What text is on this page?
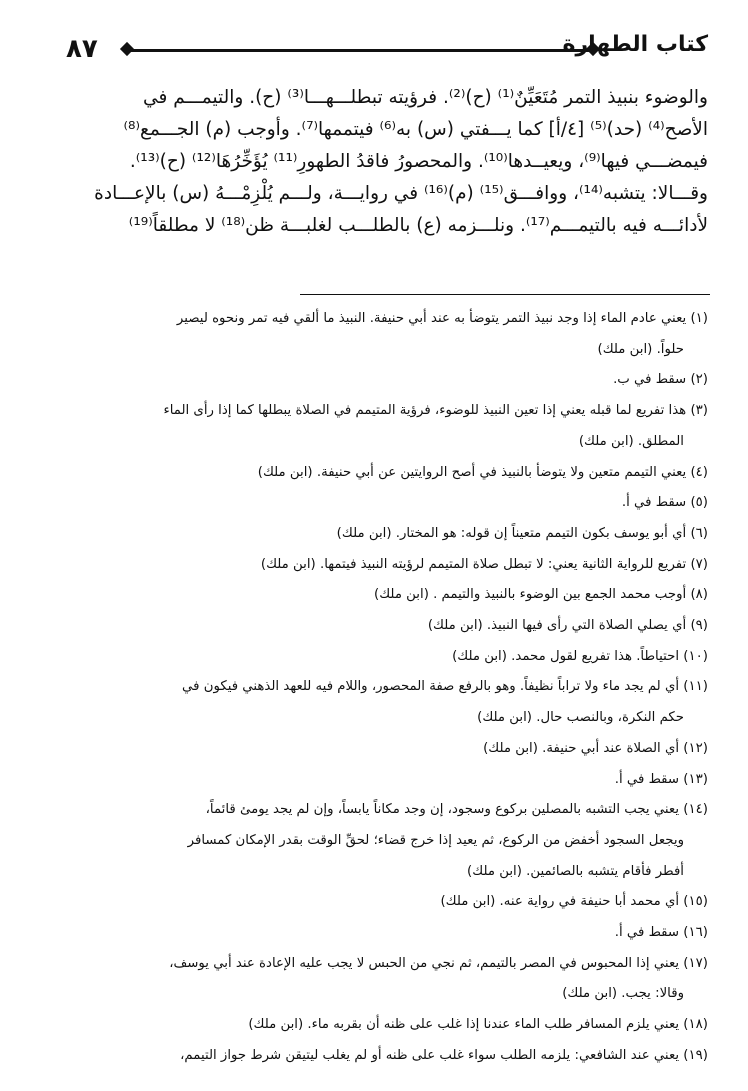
٨٧	كتاب الطهارة
والوضوء بنبيذ التمر مُتَعَيِّنٌ⁽¹⁾ (ح)⁽²⁾. فرؤيته تبطلـــهـــا⁽³⁾ (ح). والتيمـــم في
الأصح⁽⁴⁾ (حد)⁽⁵⁾ [٤/أ] كما يـــفتي (س) به⁽⁶⁾ فيتممها⁽⁷⁾. وأوجب (م) الجـــمع⁽⁸⁾
فيمضـــي فيها⁽⁹⁾، ويعيــدها⁽¹⁰⁾. والمحصورُ فاقدُ الطهورِ⁽¹¹⁾ يُؤَخِّرُهَا⁽¹²⁾ (ح)⁽¹³⁾.
وقـــالا: يتشبه⁽¹⁴⁾، ووافـــق⁽¹⁵⁾ (م)⁽¹⁶⁾ في روايـــة، ولـــم يُلْزِمْـــهُ (س) بالإعـــادة
لأدائـــه فيه بالتيمـــم⁽¹⁷⁾. ونلـــزمه (ع) بالطلـــب لغلبـــة ظن⁽¹⁸⁾ لا مطلقاً⁽¹⁹⁾
(١) يعني عادم الماء إذا وجد نبيذ التمر يتوضأ به عند أبي حنيفة. النبيذ ما ألقي فيه تمر ونحوه ليصير
حلواً. (ابن ملك)
(٢) سقط في ب.
(٣) هذا تفريع لما قبله يعني إذا تعين النبيذ للوضوء، فرؤية المتيمم في الصلاة يبطلها كما إذا رأى الماء
المطلق. (ابن ملك)
(٤) يعني التيمم متعين ولا يتوضأ بالنبيذ في أصح الروايتين عن أبي حنيفة. (ابن ملك)
(٥) سقط في أ.
(٦) أي أبو يوسف بكون التيمم متعيناً إن قوله: هو المختار. (ابن ملك)
(٧) تفريع للرواية الثانية يعني: لا تبطل صلاة المتيمم لرؤيته النبيذ فيتمها. (ابن ملك)
(٨) أوجب محمد الجمع بين الوضوء بالنبيذ والتيمم . (ابن ملك)
(٩) أي يصلي الصلاة التي رأى فيها النبيذ. (ابن ملك)
(١٠) احتياطاً. هذا تفريع لقول محمد. (ابن ملك)
(١١) أي لم يجد ماء ولا تراباً نظيفاً. وهو بالرفع صفة المحصور، واللام فيه للعهد الذهني فيكون في
حكم النكرة، وبالنصب حال. (ابن ملك)
(١٢) أي الصلاة عند أبي حنيفة. (ابن ملك)
(١٣) سقط في أ.
(١٤) يعني يجب التشبه بالمصلين بركوع وسجود، إن وجد مكاناً يابساً، وإن لم يجد يومئ قائماً،
ويجعل السجود أخفض من الركوع، ثم يعيد إذا خرج قضاء؛ لحقِّ الوقت بقدر الإمكان كمسافر
أفطر فأقام يتشبه بالصائمين. (ابن ملك)
(١٥) أي محمد أبا حنيفة في رواية عنه. (ابن ملك)
(١٦) سقط في أ.
(١٧) يعني إذا المحبوس في المصر بالتيمم، ثم نجي من الحبس لا يجب عليه الإعادة عند أبي يوسف،
وقالا: يجب. (ابن ملك)
(١٨) يعني يلزم المسافر طلب الماء عندنا إذا غلب على ظنه أن بقربه ماء. (ابن ملك)
(١٩) يعني عند الشافعي: يلزمه الطلب سواء غلب على ظنه أو لم يغلب ليتيقن شرط جواز التيمم،
